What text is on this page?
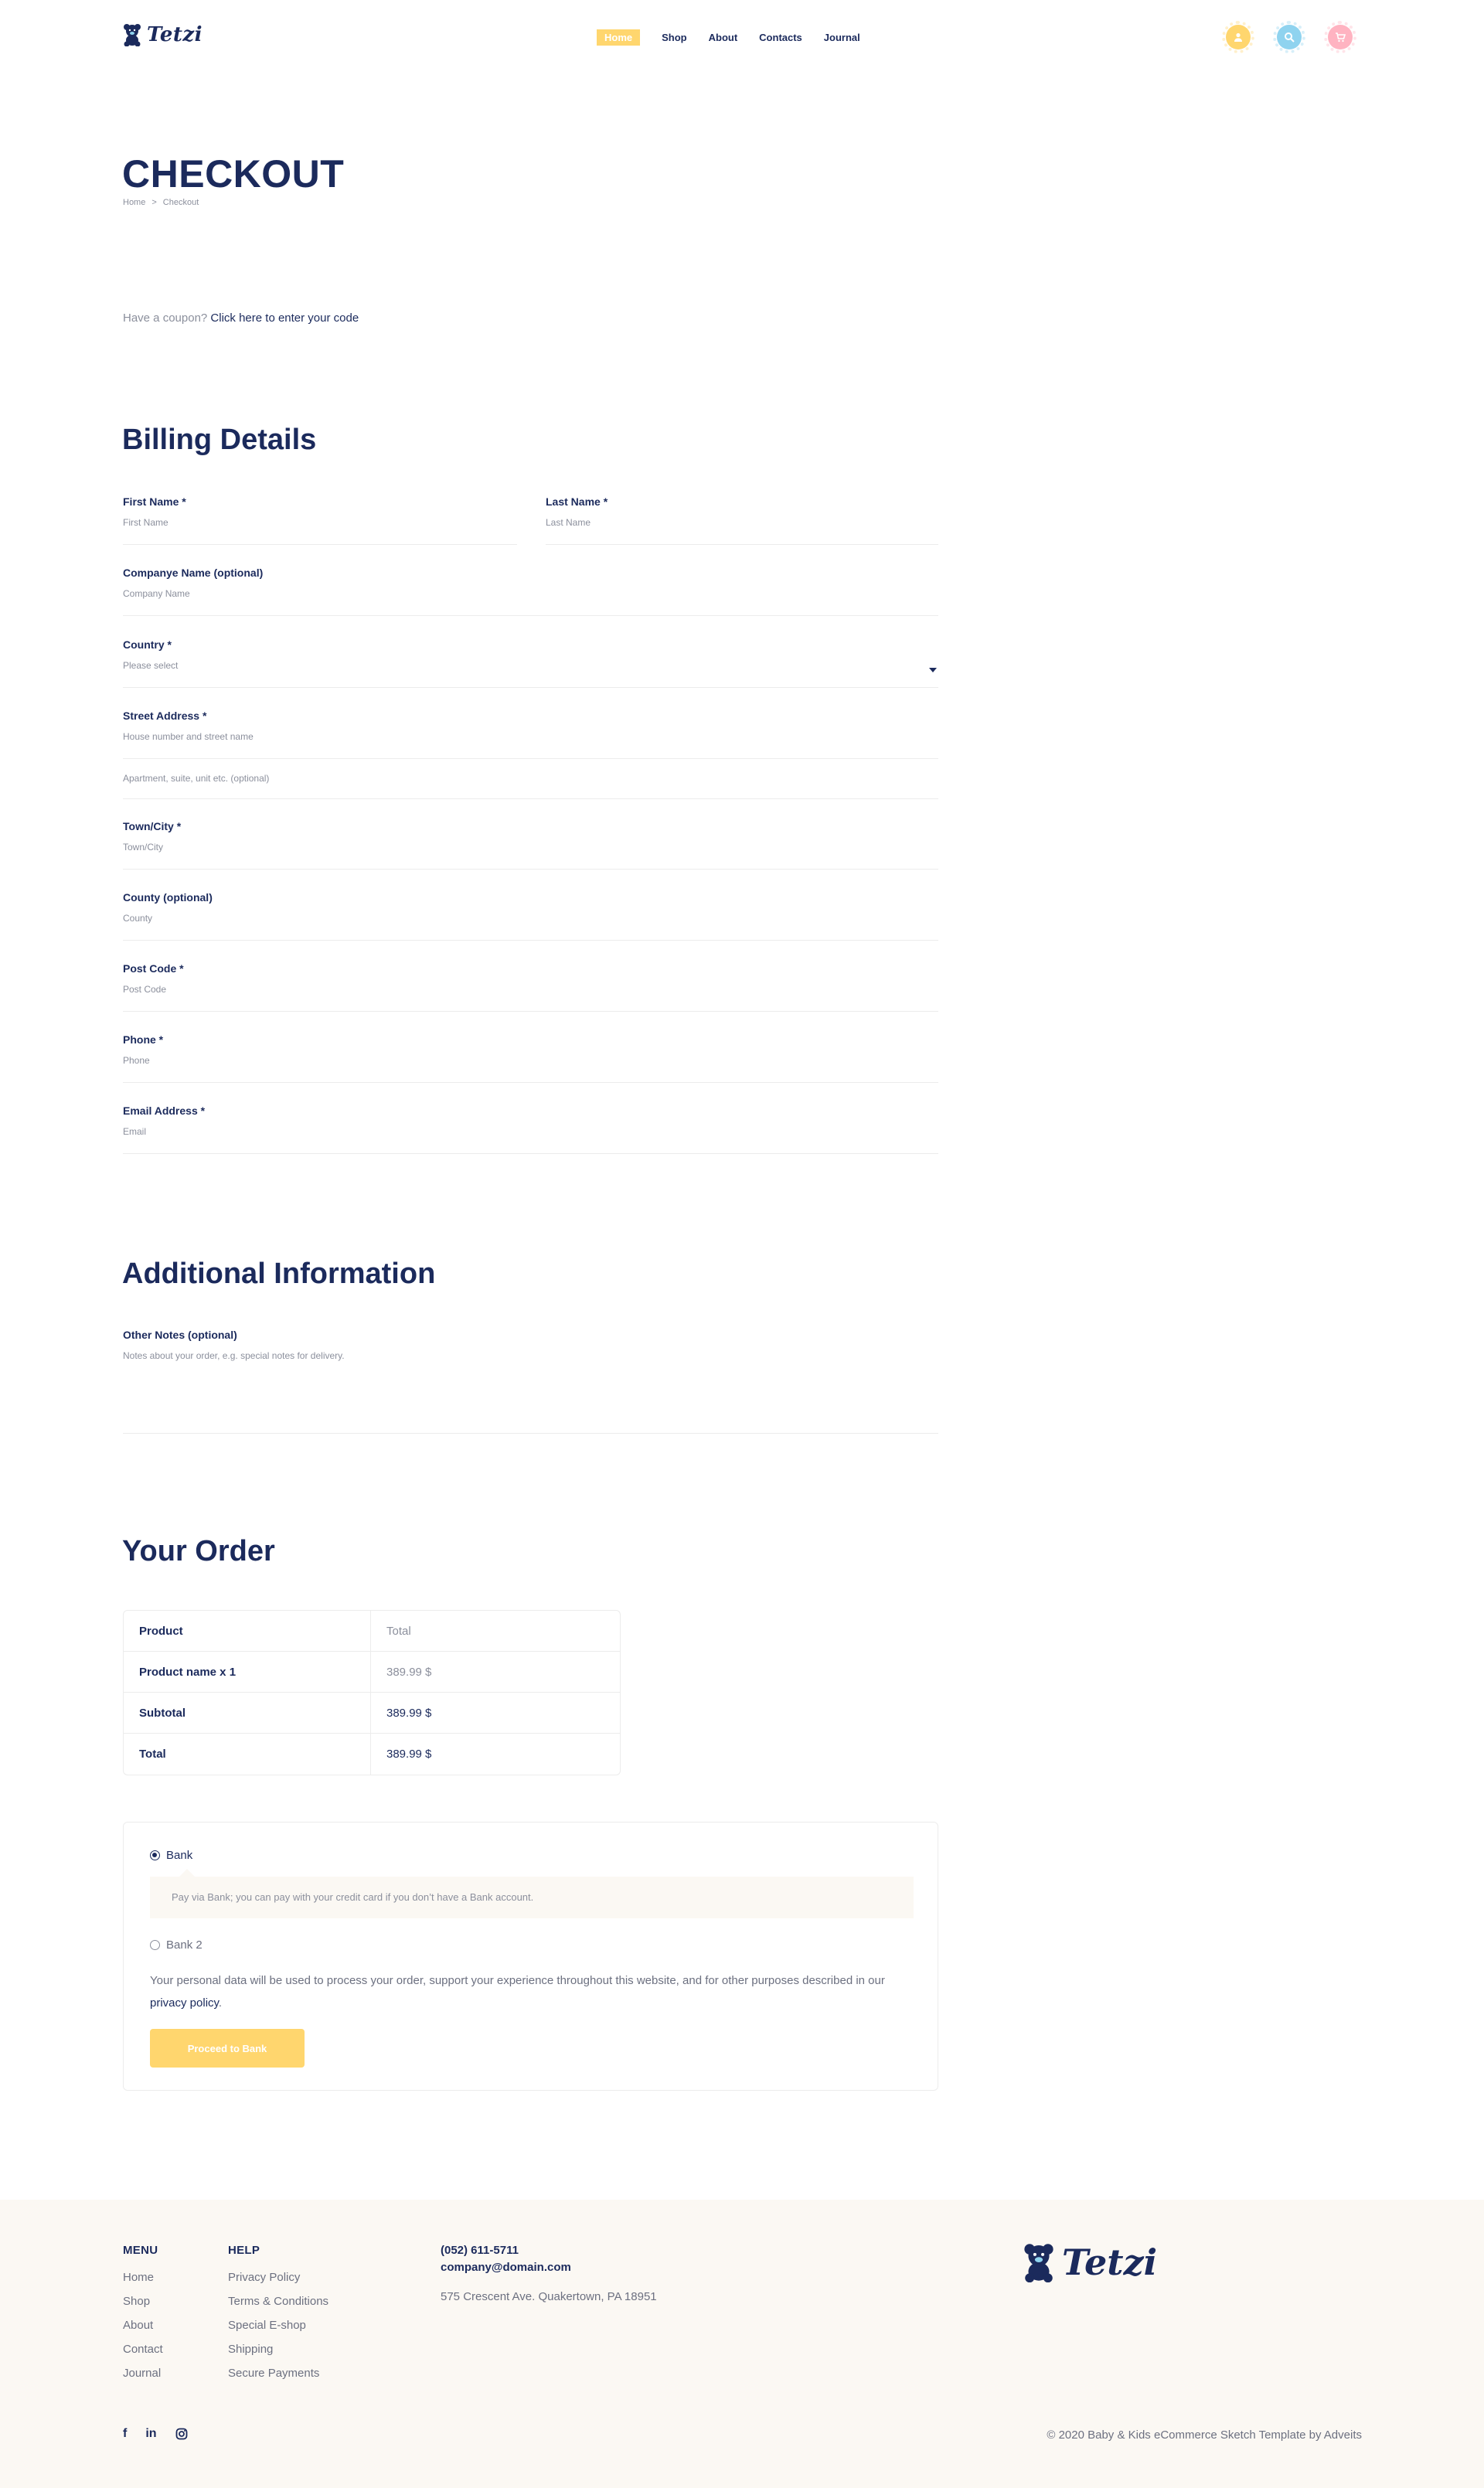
Tetzi	Home	Shop About Contacts Journal
CHECKOUT
Home > Checkout

Have a coupon? Click here to enter your code

Billing Details
First Name *
First Name
Last Name *
Last Name
Companye Name (optional)
Company Name
Country *
Please select
Street Address *
House number and street name
Apartment, suite, unit etc. (optional)
Town/City *
Town/City
County (optional)
County
Post Code *
Post Code
Phone *
Phone
Email Address *
Email
Additional Information
Other Notes (optional)
Notes about your order, e.g. special notes for delivery.
Your Order
Product	Total
Product name x 1	389.99 $
Subtotal	389.99 $
Total	389.99 $
Bank
Pay via Bank; you can pay with your credit card if you don’t have a Bank account.
Bank 2

Your personal data will be used to process your order, support your experience throughout this website, and for other purposes described in our privacy policy.

Proceed to Bank
MENU
Home
Shop
About
Contact
Journal
HELP
Privacy Policy
Terms & Conditions
Special E-shop
Shipping
Secure Payments
(052) 611-5711
company@domain.com
575 Crescent Ave. Quakertown, PA 18951
Tetzi
f in	© 2020 Baby & Kids eCommerce Sketch Template by Adveits
